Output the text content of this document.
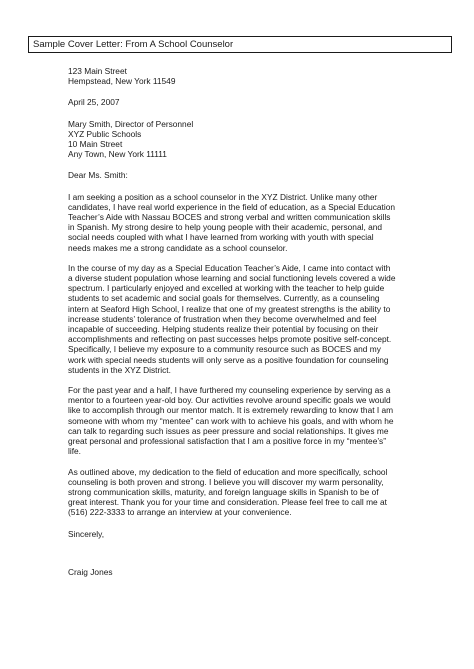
Sample Cover Letter: From A School Counselor
123 Main Street
Hempstead, New York 11549
April 25, 2007
Mary Smith, Director of Personnel
XYZ Public Schools
10 Main Street
Any Town, New York 11111
Dear Ms. Smith:
I am seeking a position as a school counselor in the XYZ District. Unlike many other
candidates, I have real world experience in the field of education, as a Special Education
Teacher’s Aide with Nassau BOCES and strong verbal and written communication skills
in Spanish. My strong desire to help young people with their academic, personal, and
social needs coupled with what I have learned from working with youth with special
needs makes me a strong candidate as a school counselor.
In the course of my day as a Special Education Teacher’s Aide, I came into contact with
a diverse student population whose learning and social functioning levels covered a wide
spectrum. I particularly enjoyed and excelled at working with the teacher to help guide
students to set academic and social goals for themselves. Currently, as a counseling
intern at Seaford High School, I realize that one of my greatest strengths is the ability to
increase students’ tolerance of frustration when they become overwhelmed and feel
incapable of succeeding. Helping students realize their potential by focusing on their
accomplishments and reflecting on past successes helps promote positive self-concept.
Specifically, I believe my exposure to a community resource such as BOCES and my
work with special needs students will only serve as a positive foundation for counseling
students in the XYZ District.
For the past year and a half, I have furthered my counseling experience by serving as a
mentor to a fourteen year-old boy. Our activities revolve around specific goals we would
like to accomplish through our mentor match. It is extremely rewarding to know that I am
someone with whom my “mentee” can work with to achieve his goals, and with whom he
can talk to regarding such issues as peer pressure and social relationships. It gives me
great personal and professional satisfaction that I am a positive force in my “mentee’s”
life.
As outlined above, my dedication to the field of education and more specifically, school
counseling is both proven and strong. I believe you will discover my warm personality,
strong communication skills, maturity, and foreign language skills in Spanish to be of
great interest. Thank you for your time and consideration. Please feel free to call me at
(516) 222-3333 to arrange an interview at your convenience.
Sincerely,
Craig Jones
